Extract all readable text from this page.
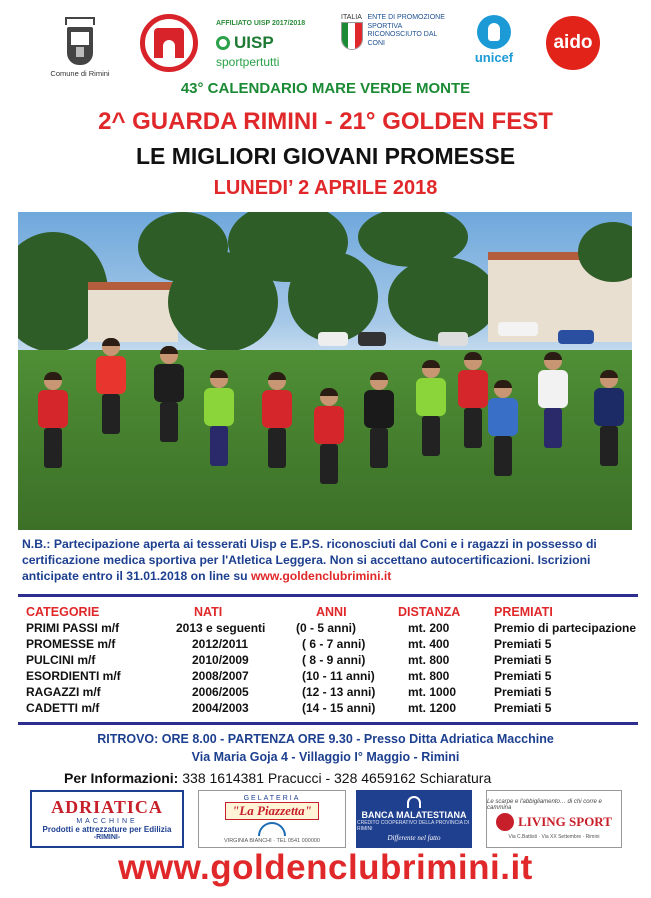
Comune di Rimini
AFFILIATO UISP 2017/2018
UISP
sportpertutti
ITALIA ENTE DI PROMOZIONE SPORTIVA RICONOSCIUTO DAL CONI
unicef
aido
43° CALENDARIO MARE VERDE MONTE
2^ GUARDA RIMINI - 21° GOLDEN FEST
LE MIGLIORI GIOVANI PROMESSE
LUNEDI’ 2 APRILE 2018
N.B.: Partecipazione aperta ai tesserati Uisp e E.P.S. riconosciuti dal Coni e i ragazzi in possesso di certificazione medica sportiva per l'Atletica Leggera. Non si accettano autocertificazioni. Iscrizioni anticipate entro il 31.01.2018 on line su www.goldenclubrimini.it
CATEGORIE	NATI	ANNI	DISTANZA	PREMIATI
PRIMI PASSI m/f	2013 e seguenti	(0 - 5 anni)	mt. 200	Premio di partecipazione
PROMESSE m/f	2012/2011	( 6 - 7 anni)	mt. 400	Premiati 5
PULCINI m/f	2010/2009	( 8 - 9 anni)	mt. 800	Premiati 5
ESORDIENTI m/f	2008/2007	(10 - 11 anni)	mt. 800	Premiati 5
RAGAZZI m/f	2006/2005	(12 - 13 anni)	mt. 1000	Premiati 5
CADETTI m/f	2004/2003	(14 - 15 anni)	mt. 1200	Premiati 5
RITROVO: ORE 8.00 - PARTENZA ORE 9.30 - Presso Ditta Adriatica Macchine
Via Maria Goja 4 - Villaggio I° Maggio - Rimini
Per Informazioni: 338 1614381 Pracucci - 328 4659162 Schiaratura
ADRIATICA
MACCHINE
Prodotti e attrezzature per Edilizia
-RIMINI-
GELATERIA
"La Piazzetta"
VIRGINIA BIANCHI · TEL 0541 000000
BANCA MALATESTIANA
CREDITO COOPERATIVO DELLA PROVINCIA DI RIMINI
Differente nel fatto
Le scarpe e l'abbigliamento… di chi corre e cammina
LIVING SPORT
Via C.Battisti · Via XX Settembre · Rimini
www.goldenclubrimini.it
